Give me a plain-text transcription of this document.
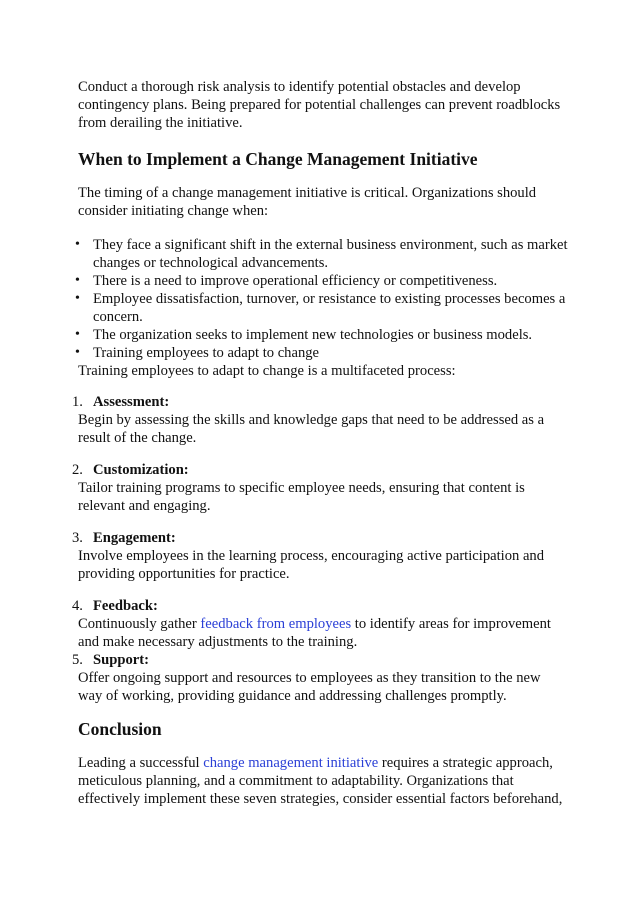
Conduct a thorough risk analysis to identify potential obstacles and develop contingency plans. Being prepared for potential challenges can prevent roadblocks from derailing the initiative.

When to Implement a Change Management Initiative

The timing of a change management initiative is critical. Organizations should consider initiating change when:

• They face a significant shift in the external business environment, such as market changes or technological advancements.
• There is a need to improve operational efficiency or competitiveness.
• Employee dissatisfaction, turnover, or resistance to existing processes becomes a concern.
• The organization seeks to implement new technologies or business models.
• Training employees to adapt to change

Training employees to adapt to change is a multifaceted process:

1. Assessment:

Begin by assessing the skills and knowledge gaps that need to be addressed as a result of the change.

2. Customization:

Tailor training programs to specific employee needs, ensuring that content is relevant and engaging.

3. Engagement:

Involve employees in the learning process, encouraging active participation and providing opportunities for practice.

4. Feedback:

Continuously gather feedback from employees to identify areas for improvement and make necessary adjustments to the training.

5. Support:

Offer ongoing support and resources to employees as they transition to the new way of working, providing guidance and addressing challenges promptly.

Conclusion

Leading a successful change management initiative requires a strategic approach, meticulous planning, and a commitment to adaptability. Organizations that effectively implement these seven strategies, consider essential factors beforehand,
